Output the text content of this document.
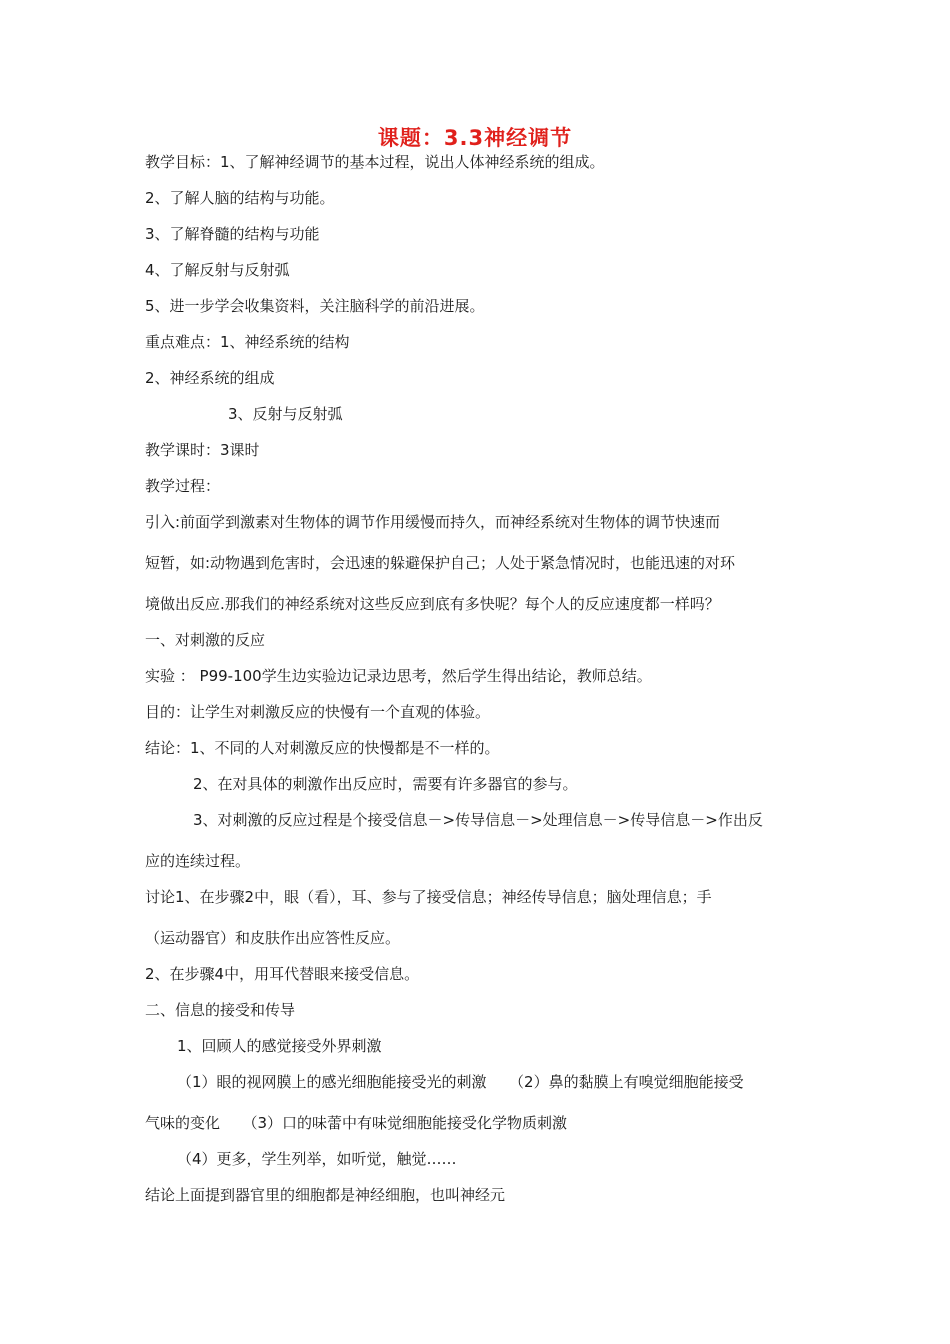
课题：3.3神经调节
教学目标：1、了解神经调节的基本过程，说出人体神经系统的组成。
2、了解人脑的结构与功能。
3、了解脊髓的结构与功能
4、了解反射与反射弧
5、进一步学会收集资料，关注脑科学的前沿进展。
重点难点：1、神经系统的结构
2、神经系统的组成
3、反射与反射弧
教学课时：3课时
教学过程：
引入:前面学到激素对生物体的调节作用缓慢而持久，而神经系统对生物体的调节快速而
短暂，如:动物遇到危害时，会迅速的躲避保护自己；人处于紧急情况时，也能迅速的对环
境做出反应.那我们的神经系统对这些反应到底有多快呢？每个人的反应速度都一样吗？
一、对刺激的反应
实验 ： P99-100学生边实验边记录边思考，然后学生得出结论，教师总结。
目的：让学生对刺激反应的快慢有一个直观的体验。
结论：1、不同的人对刺激反应的快慢都是不一样的。
2、在对具体的刺激作出反应时，需要有许多器官的参与。
3、对刺激的反应过程是个接受信息－>传导信息－>处理信息－>传导信息－>作出反
应的连续过程。
讨论1、在步骤2中，眼（看），耳、参与了接受信息；神经传导信息；脑处理信息；手
（运动器官）和皮肤作出应答性反应。
2、在步骤4中，用耳代替眼来接受信息。
二、信息的接受和传导
1、回顾人的感觉接受外界刺激
（1）眼的视网膜上的感光细胞能接受光的刺激　　（2）鼻的黏膜上有嗅觉细胞能接受
气味的变化　　（3）口的味蕾中有味觉细胞能接受化学物质刺激
（4）更多，学生列举，如听觉，触觉……
结论上面提到器官里的细胞都是神经细胞，也叫神经元
